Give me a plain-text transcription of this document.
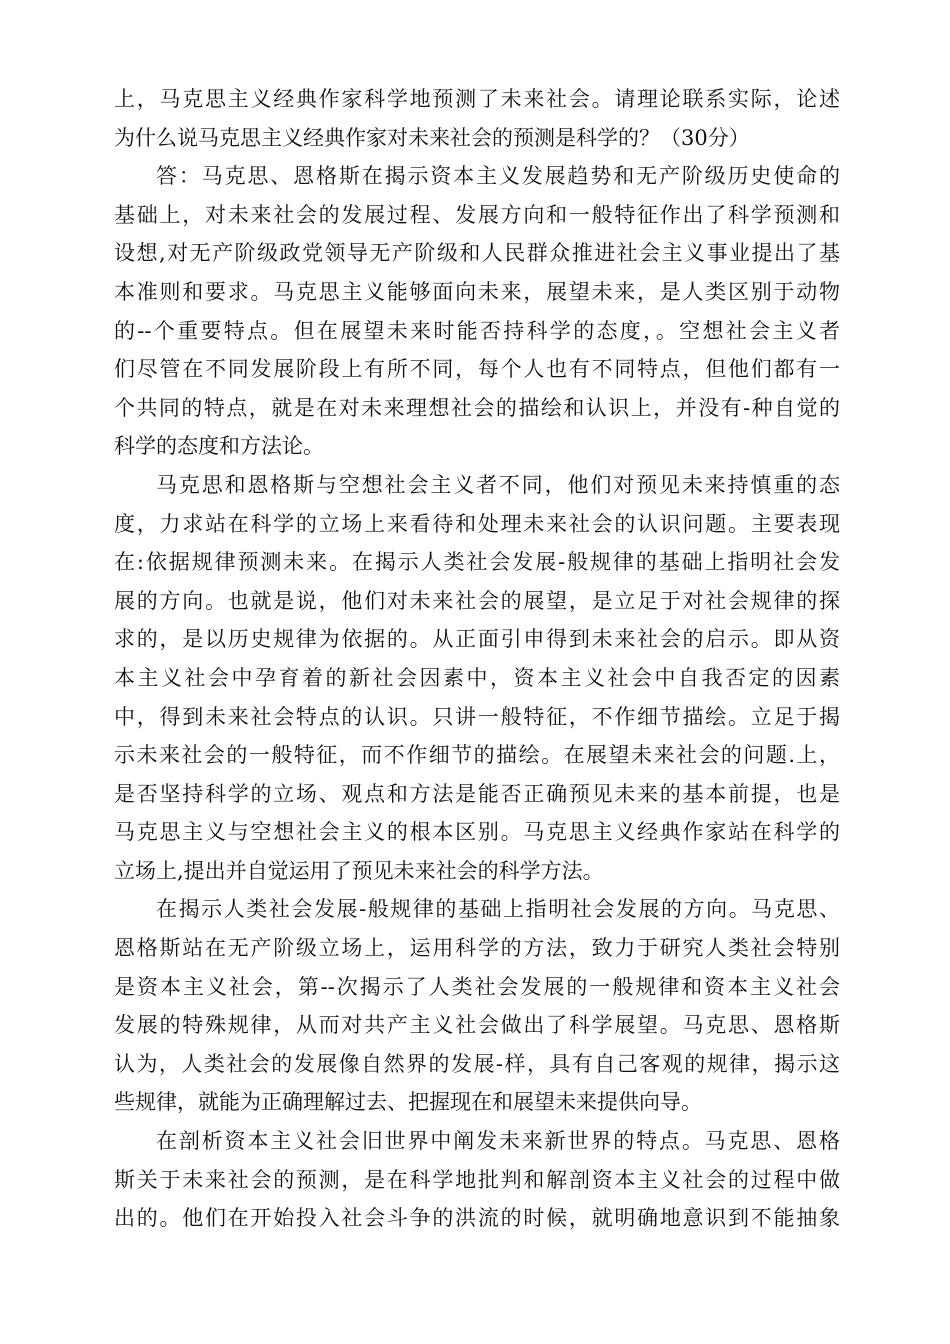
上，马克思主义经典作家科学地预测了未来社会。请理论联系实际，论述
为什么说马克思主义经典作家对未来社会的预测是科学的？（30分）
答：马克思、恩格斯在揭示资本主义发展趋势和无产阶级历史使命的
基础上，对未来社会的发展过程、发展方向和一般特征作出了科学预测和
设想,对无产阶级政党领导无产阶级和人民群众推进社会主义事业提出了基
本准则和要求。马克思主义能够面向未来，展望未来，是人类区别于动物
的--个重要特点。但在展望未来时能否持科学的态度，。空想社会主义者
们尽管在不同发展阶段上有所不同，每个人也有不同特点，但他们都有一
个共同的特点，就是在对未来理想社会的描绘和认识上，并没有-种自觉的
科学的态度和方法论。
马克思和恩格斯与空想社会主义者不同，他们对预见未来持慎重的态
度，力求站在科学的立场上来看待和处理未来社会的认识问题。主要表现
在:依据规律预测未来。在揭示人类社会发展-般规律的基础上指明社会发
展的方向。也就是说，他们对未来社会的展望，是立足于对社会规律的探
求的，是以历史规律为依据的。从正面引申得到未来社会的启示。即从资
本主义社会中孕育着的新社会因素中，资本主义社会中自我否定的因素
中，得到未来社会特点的认识。只讲一般特征，不作细节描绘。立足于揭
示未来社会的一般特征，而不作细节的描绘。在展望未来社会的问题.上，
是否坚持科学的立场、观点和方法是能否正确预见未来的基本前提，也是
马克思主义与空想社会主义的根本区别。马克思主义经典作家站在科学的
立场上,提出并自觉运用了预见未来社会的科学方法。
在揭示人类社会发展-般规律的基础上指明社会发展的方向。马克思、
恩格斯站在无产阶级立场上，运用科学的方法，致力于研究人类社会特别
是资本主义社会，第--次揭示了人类社会发展的一般规律和资本主义社会
发展的特殊规律，从而对共产主义社会做出了科学展望。马克思、恩格斯
认为，人类社会的发展像自然界的发展-样，具有自己客观的规律，揭示这
些规律，就能为正确理解过去、把握现在和展望未来提供向导。
在剖析资本主义社会旧世界中阐发未来新世界的特点。马克思、恩格
斯关于未来社会的预测，是在科学地批判和解剖资本主义社会的过程中做
出的。他们在开始投入社会斗争的洪流的时候，就明确地意识到不能抽象
